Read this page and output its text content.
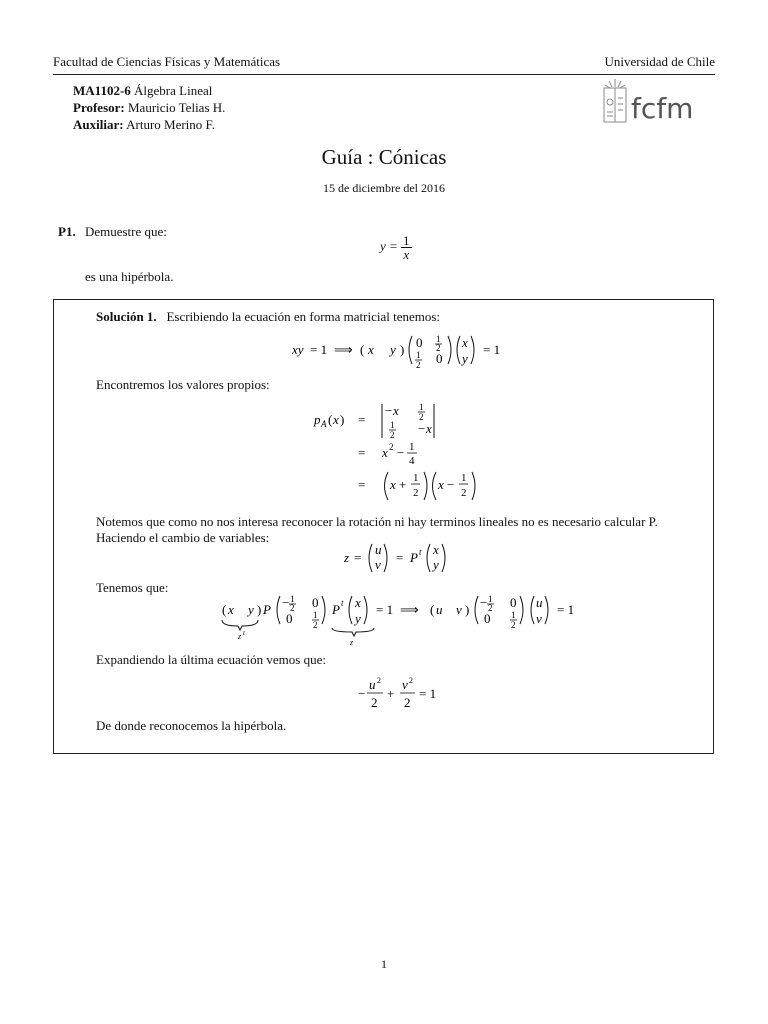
Facultad de Ciencias Físicas y Matemáticas	Universidad de Chile
MA1102-6 Álgebra Lineal
Profesor: Mauricio Telias H.
Auxiliar: Arturo Merino F.	fcfm
Guía : Cónicas
15 de diciembre del 2016
P1. Demuestre que:
$y = \frac{1}{x}$
es una hipérbola.
Solución 1. Escribiendo la ecuación en forma matricial tenemos:
xy = 1 ⟹ ( x y ) 0 1
2
1
2 0
x
y
= 1
Encontremos los valores propios:
p A ( x ) =
− x 1
2
1
2 − x
= x 2 − 1
4
= x + 1
2
x − 1
2
Notemos que como no nos interesa reconocer la rotación ni hay terminos lineales no es necesario calcular P.
Haciendo el cambio de variables:
z =
u
v = P t x
y
Tenemos que:
( x y )
z t
P − 1
2 0
0 1
2
P t x
y
z
= 1 ⟹ ( u v ) − 1
2 0
0 1
2
u
v
= 1
Expandiendo la última ecuación vemos que:
−
u 2
2
+
v 2
2
= 1
De donde reconocemos la hipérbola.
1
